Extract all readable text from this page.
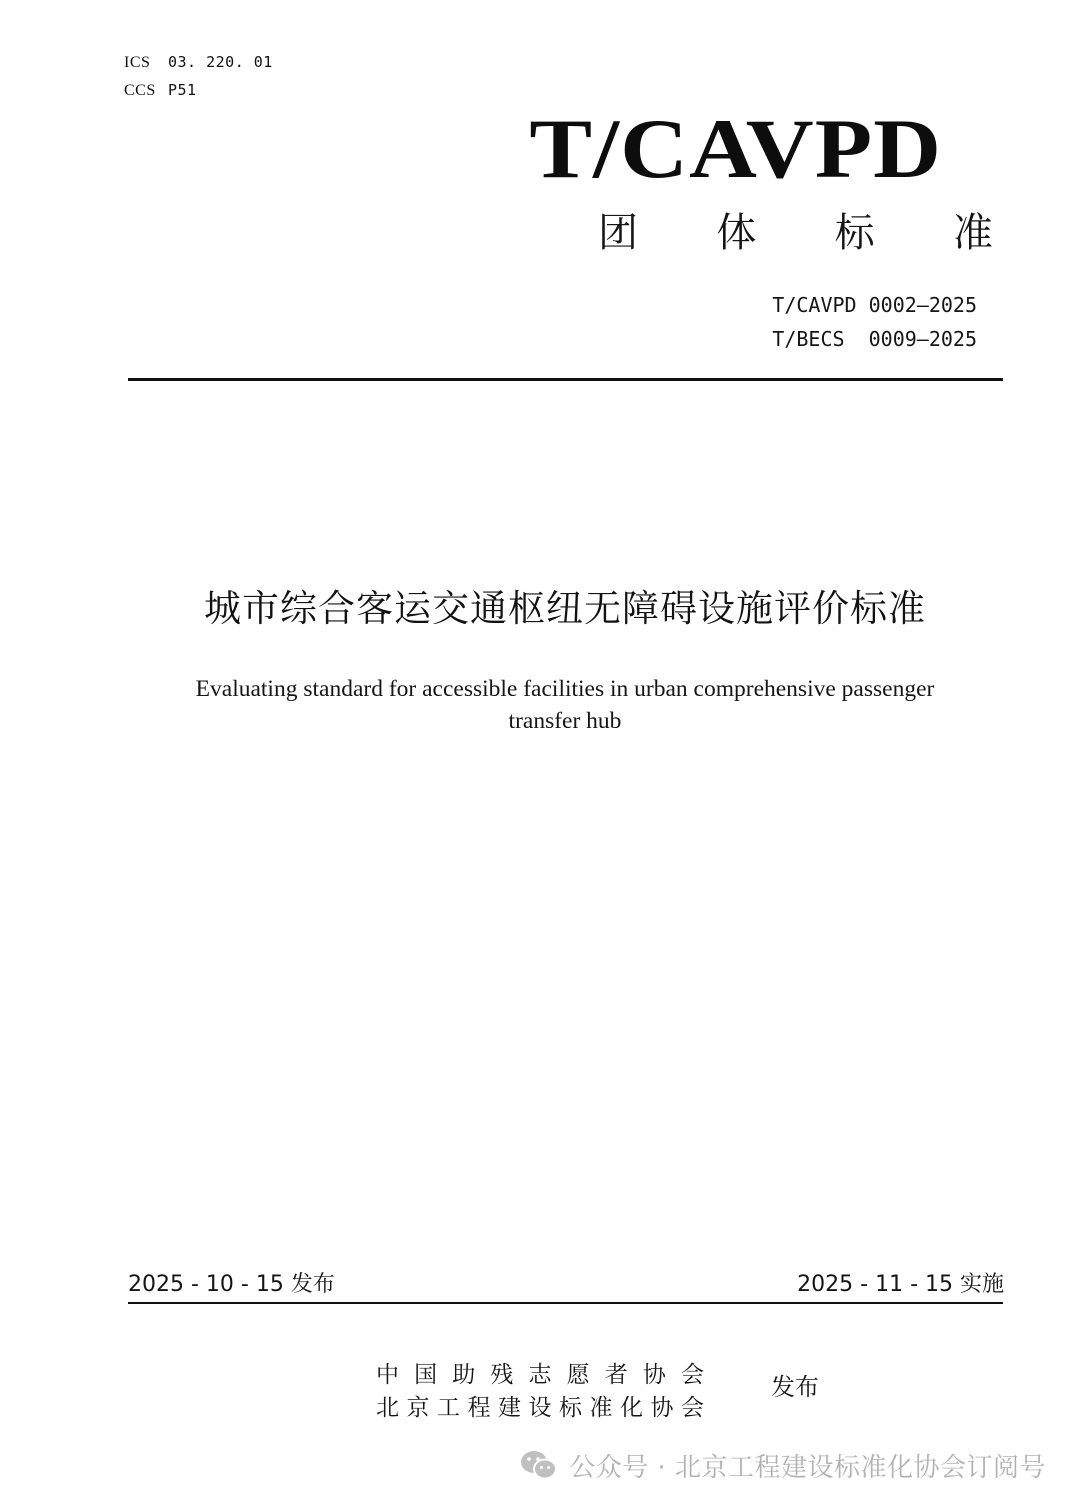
ICS 03. 220. 01
CCS P51
T/CAVPD
团 体 标 准
T/CAVPD 0002—2025
T/BECS  0009—2025
城市综合客运交通枢纽无障碍设施评价标准
Evaluating standard for accessible facilities in urban comprehensive passenger
transfer hub
2025 - 10 - 15 发布	2025 - 11 - 15 实施
中 国 助 残 志 愿 者 协 会
北 京 工 程 建 设 标 准 化 协 会
发布
公众号 · 北京工程建设标准化协会订阅号
